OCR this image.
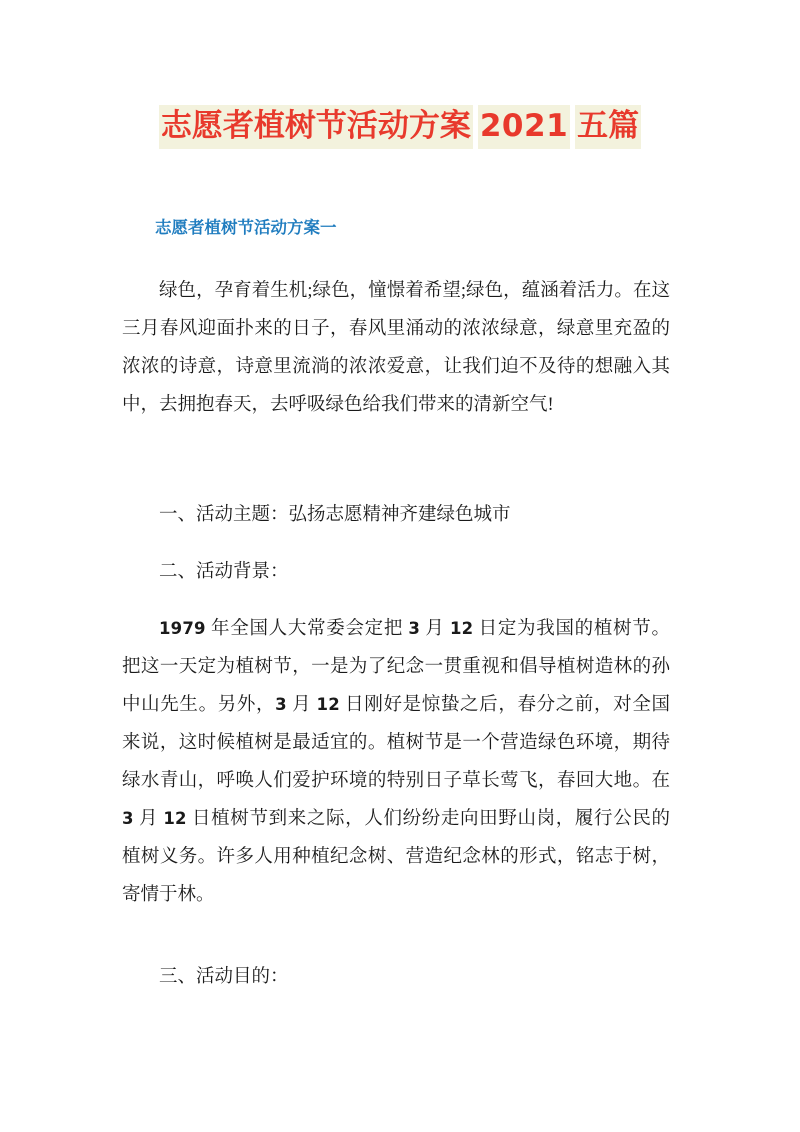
志愿者植树节活动方案 2021 五篇
志愿者植树节活动方案一

绿色，孕育着生机;绿色，憧憬着希望;绿色，蕴涵着活力。在这三月春风迎面扑来的日子，春风里涌动的浓浓绿意，绿意里充盈的浓浓的诗意，诗意里流淌的浓浓爱意，让我们迫不及待的想融入其中，去拥抱春天，去呼吸绿色给我们带来的清新空气!

一、活动主题：弘扬志愿精神齐建绿色城市
二、活动背景：

1979 年全国人大常委会定把 3 月 12 日定为我国的植树节。把这一天定为植树节，一是为了纪念一贯重视和倡导植树造林的孙中山先生。另外，3 月 12 日刚好是惊蛰之后，春分之前，对全国来说，这时候植树是最适宜的。植树节是一个营造绿色环境，期待绿水青山，呼唤人们爱护环境的特别日子草长莺飞，春回大地。在 3 月 12 日植树节到来之际，人们纷纷走向田野山岗，履行公民的植树义务。许多人用种植纪念树、营造纪念林的形式，铭志于树，寄情于林。

三、活动目的：
